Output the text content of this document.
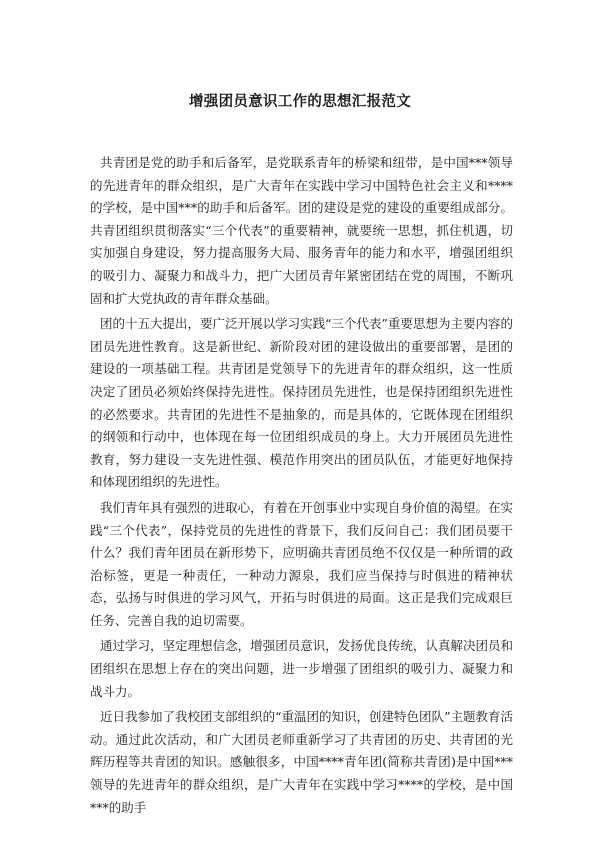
增强团员意识工作的思想汇报范文

共青团是党的助手和后备军，是党联系青年的桥梁和纽带，是中国***领导的先进青年的群众组织，是广大青年在实践中学习中国特色社会主义和****的学校，是中国***的助手和后备军。团的建设是党的建设的重要组成部分。共青团组织贯彻落实“三个代表”的重要精神，就要统一思想，抓住机遇，切实加强自身建设，努力提高服务大局、服务青年的能力和水平，增强团组织的吸引力、凝聚力和战斗力，把广大团员青年紧密团结在党的周围，不断巩固和扩大党执政的青年群众基础。

团的十五大提出，要广泛开展以学习实践“三个代表”重要思想为主要内容的团员先进性教育。这是新世纪、新阶段对团的建设做出的重要部署，是团的建设的一项基础工程。共青团是党领导下的先进青年的群众组织，这一性质决定了团员必须始终保持先进性。保持团员先进性，也是保持团组织先进性的必然要求。共青团的先进性不是抽象的，而是具体的，它既体现在团组织的纲领和行动中，也体现在每一位团组织成员的身上。大力开展团员先进性教育，努力建设一支先进性强、模范作用突出的团员队伍，才能更好地保持和体现团组织的先进性。

我们青年具有强烈的进取心，有着在开创事业中实现自身价值的渴望。在实践“三个代表”，保持党员的先进性的背景下，我们反问自己：我们团员要干什么？我们青年团员在新形势下，应明确共青团员绝不仅仅是一种所谓的政治标签，更是一种责任，一种动力源泉，我们应当保持与时俱进的精神状态，弘扬与时俱进的学习风气，开拓与时俱进的局面。这正是我们完成艰巨任务、完善自我的迫切需要。

通过学习，坚定理想信念，增强团员意识，发扬优良传统，认真解决团员和团组织在思想上存在的突出问题，进一步增强了团组织的吸引力、凝聚力和战斗力。

近日我参加了我校团支部组织的“重温团的知识，创建特色团队”主题教育活动。通过此次活动，和广大团员老师重新学习了共青团的历史、共青团的光辉历程等共青团的知识。感触很多，中国****青年团(简称共青团)是中国***领导的先进青年的群众组织，是广大青年在实践中学习****的学校，是中国***的助手
